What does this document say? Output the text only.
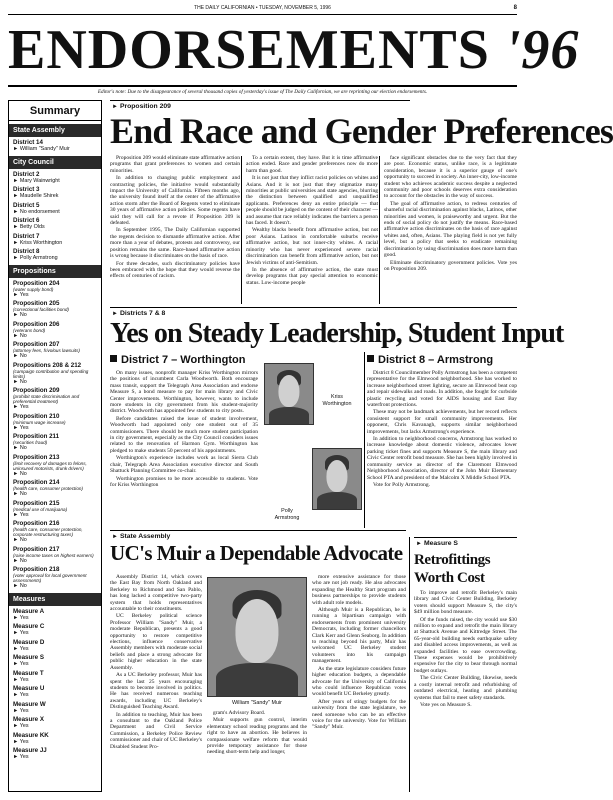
THE DAILY CALIFORNIAN • TUESDAY, NOVEMBER 5, 1996	8
ENDORSEMENTS '96
Editor's note: Due to the disappearance of several thousand copies of yesterday's issue of The Daily Californian, we are reprinting our election endorsements.
Summary
State Assembly
District 14
► William "Sandy" Muir
City Council
District 2
► Mary Wainwright
District 3
► Maudelle Shirek
District 5
► No endorsement
District 6
► Betty Olds
District 7
► Kriss Worthington
District 8
► Polly Armstrong
Propositions
Proposition 204
(water supply bond)
► Yes
Proposition 205
(correctional facilities bond)
► No
Proposition 206
(veterans bond)
► No
Proposition 207
(attorney fees, frivolous lawsuits)
► No
Propositions 208 & 212
(campaign contribution and spending limits)
► No
Proposition 209
(prohibit state discrimination and preferential treatment)
► Yes
Proposition 210
(minimum wage increase)
► Yes
Proposition 211
(securities fraud)
► No
Proposition 213
(limit recovery of damages to felons, uninsured motorists, drunk drivers)
► No
Proposition 214
(health care, consumer protection)
► No
Proposition 215
(medical use of marijuana)
► Yes
Proposition 216
(health care, consumer protection, corporate restructuring taxes)
► No
Proposition 217
(raise income taxes on highest earners)
► No
Proposition 218
(voter approval for local government assessments)
► No
Measures
Measure A
► Yes
Measure C
► Yes
Measure D
► Yes
Measure S
► Yes
Measure T
► Yes
Measure U
► Yes
Measure W
► Yes
Measure X
► Yes
Measure KK
► Yes
Measure JJ
► Yes
► Proposition 209
End Race and Gender Preferences

Proposition 209 would eliminate state affirmative action programs that grant preferences to women and certain minorities.

In addition to changing public employment and contracting policies, the initiative would substantially impact the University of California. Fifteen months ago, the university found itself at the center of the affirmative action storm after the Board of Regents voted to eliminate 30 years of affirmative action policies. Some regents have said they will call for a revote if Proposition 209 is defeated.

In September 1995, The Daily Californian supported the regents decision to dismantle affirmative action. After more than a year of debates, protests and controversy, our position remains the same. Race-based affirmative action is wrong because it discriminates on the basis of race.

For three decades, such discriminatory policies have been embraced with the hope that they would reverse the effects of centuries of racism.

To a certain extent, they have. But it is time affirmative action ended. Race and gender preferences now do more harm than good.

It is not just that they inflict racist policies on whites and Asians. And it is not just that they stigmatize many minorities at public universities and state agencies, blurring the distinction between qualified and unqualified applicants. Preferences deny an entire principle — that people should be judged on the content of their character — and assume that race reliably indicates the barriers a person has faced. It doesn't.

Wealthy blacks benefit from affirmative action, but not poor Asians. Latinos in comfortable suburbs receive affirmative action, but not inner-city whites. A racial minority who has never experienced severe racial discrimination can benefit from affirmative action, but not Jewish victims of anti-Semitism.

In the absence of affirmative action, the state must develop programs that pay special attention to economic status. Low-income people

face significant obstacles due to the very fact that they are poor. Economic status, unlike race, is a legitimate consideration, because it is a superior gauge of one's opportunity to succeed in society. An inner-city, low-income student who achieves academic success despite a neglected community and poor schools deserves extra consideration to account for the obstacles in the way of success.

The goal of affirmative action, to redress centuries of shameful racial discrimination against blacks, Latinos, other minorities and women, is praiseworthy and urgent. But the ends of social policy do not justify the means. Race-based affirmative action discriminates on the basis of race against whites and, often, Asians. The playing field is not yet fully level, but a policy that seeks to eradicate remaining discrimination by using discrimination does more harm than good.

Eliminate discriminatory government policies. Vote yes on Proposition 209.

► Districts 7 & 8
Yes on Steady Leadership, Student Input
District 7 – Worthington

On many issues, nonprofit manager Kriss Worthington mirrors the positions of incumbent Carla Woodworth. Both encourage mass transit, support the Telegraph Area Association and endorse Measure S, a bond measure to pay for main library and Civic Center improvements. Worthington, however, wants to include more students in city government from his student-majority district. Woodworth has appointed few students to city posts.

Before candidates raised the issue of student involvement, Woodworth had appointed only one student out of 35 commissioners. There should be much more student participation in city government, especially as the City Council considers issues related to the renovation of Harmon Gym. Worthington has pledged to make students 50 percent of his appointments.

Worthington's experience includes work as local Sierra Club chair, Telegraph Area Association executive director and South Shattuck Planning Committee co-chair.

Worthington promises to be more accessible to students. Vote for Kriss Worthington

Kriss
Worthington
Polly
Armstrong
District 8 – Armstrong

District 8 Councilmember Polly Armstrong has been a competent representative for the Elmwood neighborhood. She has worked to increase neighborhood street lighting, secure an Elmwood beat cop and repair sidewalks and roads. In addition, she fought for curbside plastic recycling and voted for AIDS housing and East Bay waterfront protections.

These may not be landmark achievements, but her record reflects consistent support for small community improvements. Her opponent, Chris Kavanagh, supports similar neighborhood improvements, but lacks Armstrong's experience.

In addition to neighborhood concerns, Armstrong has worked to increase knowledge about domestic violence, advocates lower parking ticket fines and supports Measure S, the main library and Civic Center retrofit bond measure. She has been highly involved in community service as director of the Claremont Elmwood Neighborhood Association, director of the John Muir Elementary School PTA and president of the Malcolm X Middle School PTA.

Vote for Polly Armstrong.

► State Assembly
UC's Muir a Dependable Advocate

Assembly District 14, which covers the East Bay from North Oakland and Berkeley to Richmond and San Pablo, has long lacked a competitive two-party system that holds representatives accountable to their constituents.

UC Berkeley political science Professor William "Sandy" Muir, a moderate Republican, presents a good opportunity to restore competitive elections, influence conservative Assembly members with moderate social beliefs and place a strong advocate for public higher education in the state Assembly.

As a UC Berkeley professor, Muir has spent the last 25 years encouraging students to become involved in politics. He has received numerous teaching awards, including UC Berkeley's Distinguished Teaching Award.

In addition to teaching, Muir has been a consultant to the Oakland Police Department and Civil Service Commission, a Berkeley Police Review commissioner and chair of UC Berkeley's Disabled Student Pro-

William "Sandy" Muir

gram's Advisory Board.

Muir supports gun control, interim elementary school reading programs and the right to have an abortion. He believes in compassionate welfare reform that would provide temporary assistance for those needing short-term help and longer,

more extensive assistance for those who are not job ready. He also advocates expanding the Healthy Start program and business partnerships to provide students with adult role models.

Although Muir is a Republican, he is running a bipartisan campaign with endorsements from prominent university Democrats, including former chancellors Clark Kerr and Glenn Seaborg. In addition to reaching beyond his party, Muir has welcomed UC Berkeley student volunteers into his campaign management.

As the state legislature considers future higher education budgets, a dependable advocate for the University of California who could influence Republican votes would benefit UC Berkeley greatly.

After years of stingy budgets for the university from the state legislature, we need someone who can be an effective voice for the university. Vote for William "Sandy" Muir.

► Measure S
Retrofittings
Worth Cost

To improve and retrofit Berkeley's main library and Civic Center Building, Berkeley voters should support Measure S, the city's $49 million bond measure.

Of the funds raised, the city would use $30 million to expand and retrofit the main library at Shattuck Avenue and Kittredge Street. The 65-year-old building needs earthquake safety and disabled access improvements, as well as expanded facilities to ease overcrowding. These expenses would be prohibitively expensive for the city to bear through normal budget outlays.

The Civic Center Building, likewise, needs a costly internal retrofit and refurbishing of outdated electrical, heating and plumbing systems that fail to meet safety standards.

Vote yes on Measure S.
